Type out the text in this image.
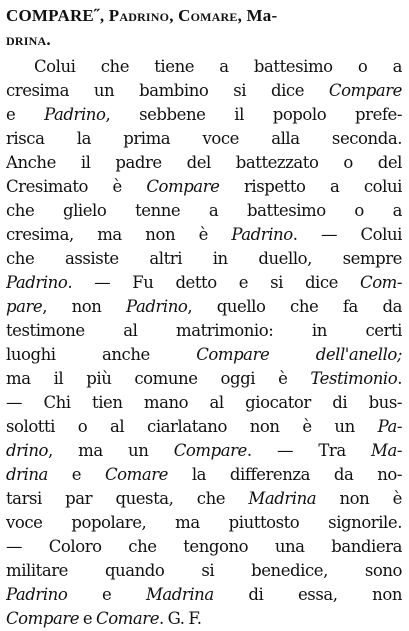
COMPARE˝, Padrino, Comare, Ma-
drina.
Colui che tiene a battesimo o a
cresima un bambino si dice Compare
e Padrino, sebbene il popolo prefe-
risca la prima voce alla seconda.
Anche il padre del battezzato o del
Cresimato è Compare rispetto a colui
che glielo tenne a battesimo o a
cresima, ma non è Padrino. — Colui
che assiste altri in duello, sempre
Padrino. — Fu detto e si dice Com-
pare, non Padrino, quello che fa da
testimone al matrimonio: in certi
luoghi anche Compare dell'anello;
ma il più comune oggi è Testimonio.
— Chi tien mano al giocator di bus-
solotti o al ciarlatano non è un Pa-
drino, ma un Compare. — Tra Ma-
drina e Comare la differenza da no-
tarsi par questa, che Madrina non è
voce popolare, ma piuttosto signorile.
— Coloro che tengono una bandiera
militare quando si benedice, sono
Padrino e Madrina di essa, non
Compare e Comare. G. F.
